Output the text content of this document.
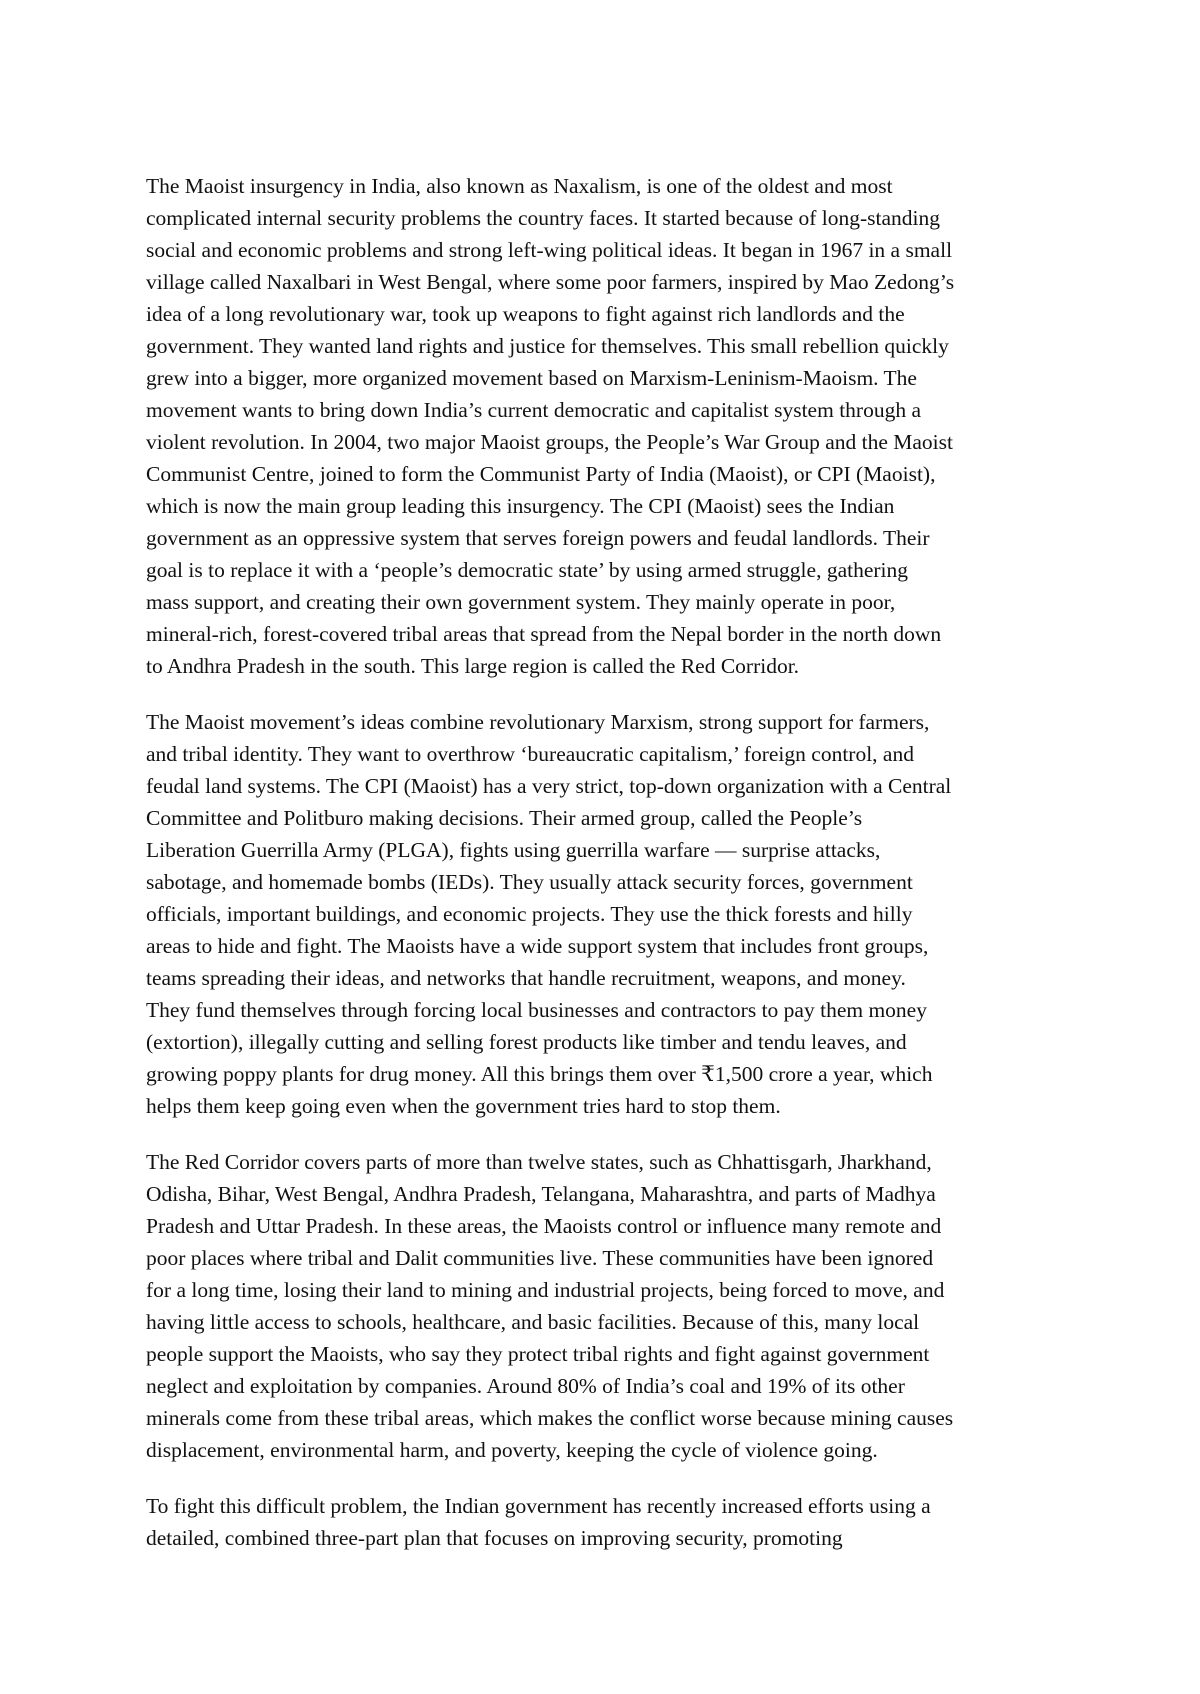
The Maoist insurgency in India, also known as Naxalism, is one of the oldest and most
complicated internal security problems the country faces. It started because of long-standing
social and economic problems and strong left-wing political ideas. It began in 1967 in a small
village called Naxalbari in West Bengal, where some poor farmers, inspired by Mao Zedong’s
idea of a long revolutionary war, took up weapons to fight against rich landlords and the
government. They wanted land rights and justice for themselves. This small rebellion quickly
grew into a bigger, more organized movement based on Marxism-Leninism-Maoism. The
movement wants to bring down India’s current democratic and capitalist system through a
violent revolution. In 2004, two major Maoist groups, the People’s War Group and the Maoist
Communist Centre, joined to form the Communist Party of India (Maoist), or CPI (Maoist),
which is now the main group leading this insurgency. The CPI (Maoist) sees the Indian
government as an oppressive system that serves foreign powers and feudal landlords. Their
goal is to replace it with a ‘people’s democratic state’ by using armed struggle, gathering
mass support, and creating their own government system. They mainly operate in poor,
mineral-rich, forest-covered tribal areas that spread from the Nepal border in the north down
to Andhra Pradesh in the south. This large region is called the Red Corridor.

The Maoist movement’s ideas combine revolutionary Marxism, strong support for farmers,
and tribal identity. They want to overthrow ‘bureaucratic capitalism,’ foreign control, and
feudal land systems. The CPI (Maoist) has a very strict, top-down organization with a Central
Committee and Politburo making decisions. Their armed group, called the People’s
Liberation Guerrilla Army (PLGA), fights using guerrilla warfare — surprise attacks,
sabotage, and homemade bombs (IEDs). They usually attack security forces, government
officials, important buildings, and economic projects. They use the thick forests and hilly
areas to hide and fight. The Maoists have a wide support system that includes front groups,
teams spreading their ideas, and networks that handle recruitment, weapons, and money.
They fund themselves through forcing local businesses and contractors to pay them money
(extortion), illegally cutting and selling forest products like timber and tendu leaves, and
growing poppy plants for drug money. All this brings them over ₹1,500 crore a year, which
helps them keep going even when the government tries hard to stop them.

The Red Corridor covers parts of more than twelve states, such as Chhattisgarh, Jharkhand,
Odisha, Bihar, West Bengal, Andhra Pradesh, Telangana, Maharashtra, and parts of Madhya
Pradesh and Uttar Pradesh. In these areas, the Maoists control or influence many remote and
poor places where tribal and Dalit communities live. These communities have been ignored
for a long time, losing their land to mining and industrial projects, being forced to move, and
having little access to schools, healthcare, and basic facilities. Because of this, many local
people support the Maoists, who say they protect tribal rights and fight against government
neglect and exploitation by companies. Around 80% of India’s coal and 19% of its other
minerals come from these tribal areas, which makes the conflict worse because mining causes
displacement, environmental harm, and poverty, keeping the cycle of violence going.

To fight this difficult problem, the Indian government has recently increased efforts using a
detailed, combined three-part plan that focuses on improving security, promoting
